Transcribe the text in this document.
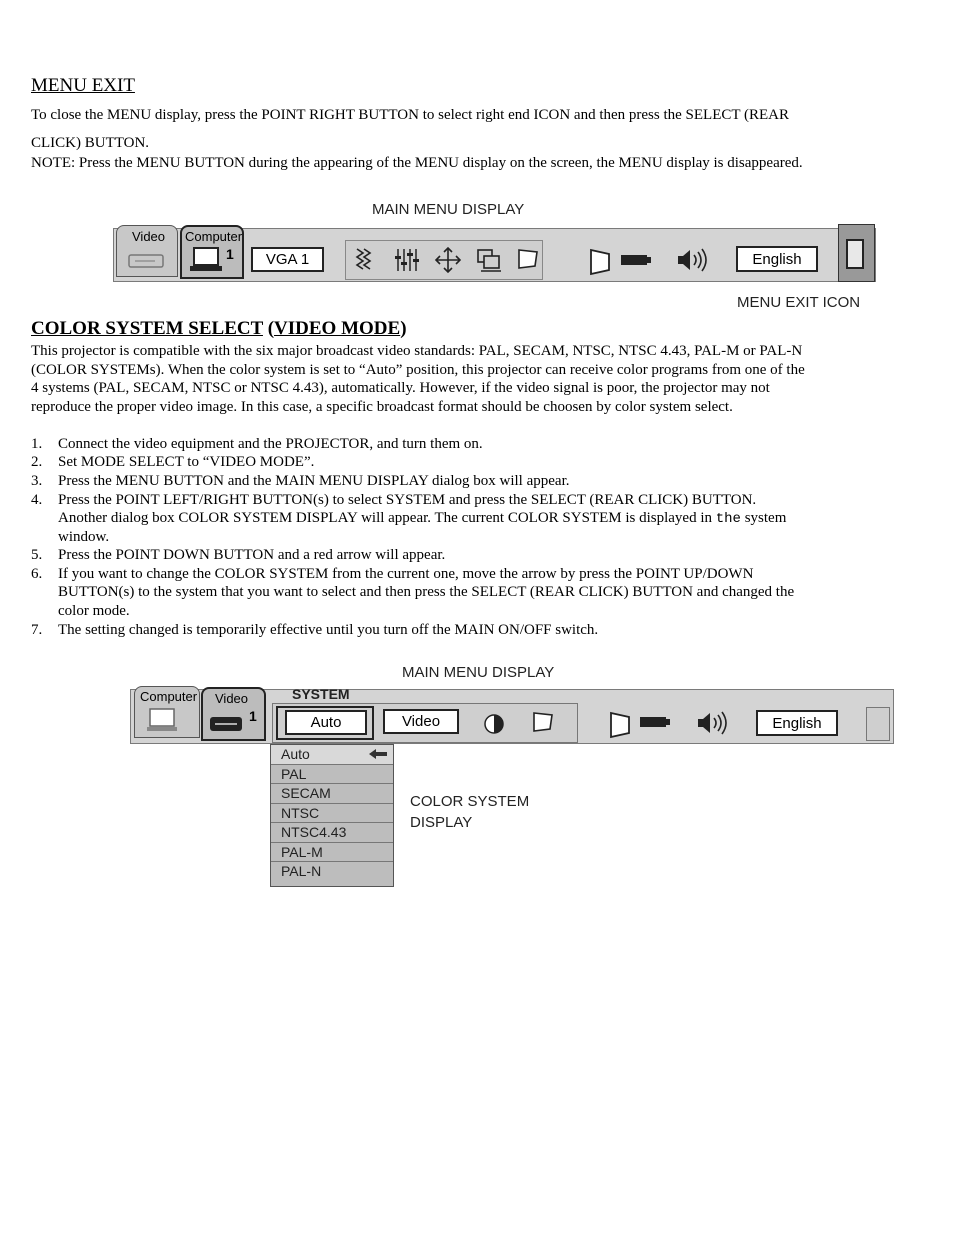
MENU EXIT
To close the MENU display, press the POINT RIGHT BUTTON to select right end ICON and then press the SELECT (REAR
CLICK) BUTTON.
NOTE: Press the MENU BUTTON during the appearing of the MENU display on the screen, the MENU display is disappeared.
MAIN MENU DISPLAY
Video Computer
1	VGA 1	English
MENU EXIT ICON
COLOR SYSTEM SELECT (VIDEO MODE)
This projector is compatible with the six major broadcast video standards: PAL, SECAM, NTSC, NTSC 4.43, PAL-M or PAL-N
(COLOR SYSTEMs). When the color system is set to “Auto” position, this projector can receive color programs from one of the
4 systems (PAL, SECAM, NTSC or NTSC 4.43), automatically. However, if the video signal is poor, the projector may not
reproduce the proper video image. In this case, a specific broadcast format should be choosen by color system select.
1. Connect the video equipment and the PROJECTOR, and turn them on.
2. Set MODE SELECT to “VIDEO MODE”.
3. Press the MENU BUTTON and the MAIN MENU DISPLAY dialog box will appear.
4. Press the POINT LEFT/RIGHT BUTTON(s) to select SYSTEM and press the SELECT (REAR CLICK) BUTTON.
Another dialog box COLOR SYSTEM DISPLAY will appear. The current COLOR SYSTEM is displayed in the system
window.
5. Press the POINT DOWN BUTTON and a red arrow will appear.
6. If you want to change the COLOR SYSTEM from the current one, move the arrow by press the POINT UP/DOWN
BUTTON(s) to the system that you want to select and then press the SELECT (REAR CLICK) BUTTON and changed the
color mode.
7. The setting changed is temporarily effective until you turn off the MAIN ON/OFF switch.
MAIN MENU DISPLAY
Computer Video
1
SYSTEM
Auto	Video	English
Auto
PAL
SECAM
NTSC
NTSC4.43
PAL-M
PAL-N
COLOR SYSTEM
DISPLAY
